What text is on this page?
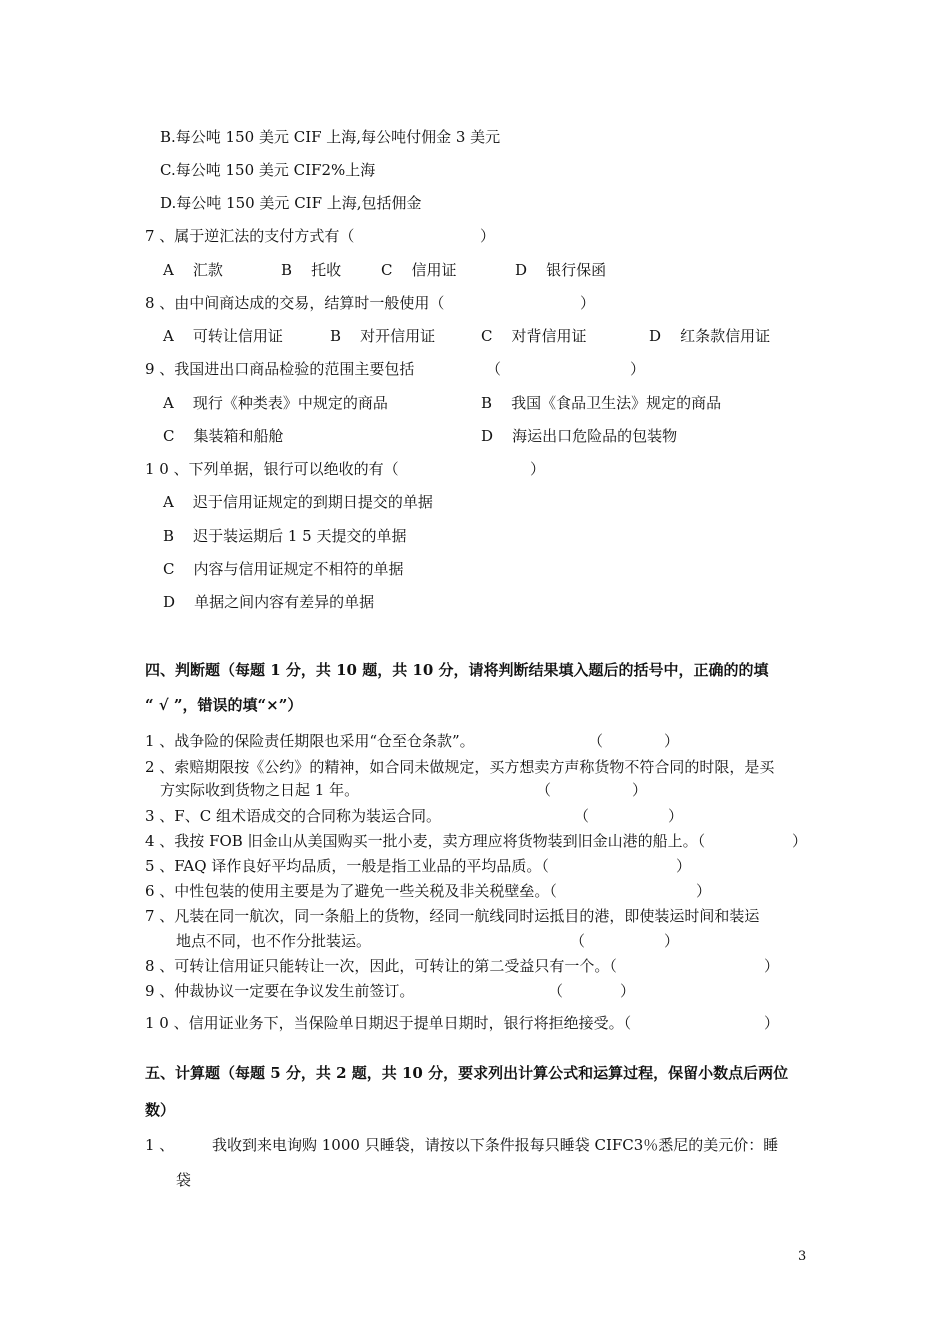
B.每公吨 150 美元 CIF 上海,每公吨付佣金 3 美元
C.每公吨 150 美元 CIF2%上海
D.每公吨 150 美元 CIF 上海,包括佣金
7 、属于逆汇法的支付方式有（	）
A    汇款	B    托收	C    信用证	D    银行保函
8 、由中间商达成的交易，结算时一般使用（	）
A    可转让信用证	B    对开信用证	C    对背信用证	D    红条款信用证
9 、我国进出口商品检验的范围主要包括	（	）
A    现行《种类表》中规定的商品	B    我国《食品卫生法》规定的商品
C    集装箱和船舱	D    海运出口危险品的包装物
1 0 、下列单据，银行可以绝收的有（	）
A    迟于信用证规定的到期日提交的单据
B    迟于装运期后 1 5 天提交的单据
C    内容与信用证规定不相符的单据
D    单据之间内容有差异的单据
四、判断题（每题 1 分，共 10 题，共 10 分，请将判断结果填入题后的括号中，正确的的填
“ √ ”，错误的填“×”）
1 、战争险的保险责任期限也采用“仓至仓条款”。	（	）
2 、索赔期限按《公约》的精神，如合同未做规定，买方想卖方声称货物不符合同的时限，是买
方实际收到货物之日起 1 年。	（	）
3 、F、C 组术语成交的合同称为装运合同。	（	）
4 、我按 FOB 旧金山从美国购买一批小麦，卖方理应将货物装到旧金山港的船上。（	）
5 、FAQ 译作良好平均品质，一般是指工业品的平均品质。（	）
6 、中性包装的使用主要是为了避免一些关税及非关税壁垒。（	）
7 、凡装在同一航次，同一条船上的货物，经同一航线同时运抵目的港，即使装运时间和装运
地点不同，也不作分批装运。	（	）
8 、可转让信用证只能转让一次，因此，可转让的第二受益只有一个。（	）
9 、仲裁协议一定要在争议发生前签订。	（	）
1 0 、信用证业务下，当保险单日期迟于提单日期时，银行将拒绝接受。（	）
五、计算题（每题 5 分，共 2 题，共 10 分，要求列出计算公式和运算过程，保留小数点后两位
数）
1 、	我收到来电询购 1000 只睡袋，请按以下条件报每只睡袋 CIFC3％悉尼的美元价：睡
袋
3
